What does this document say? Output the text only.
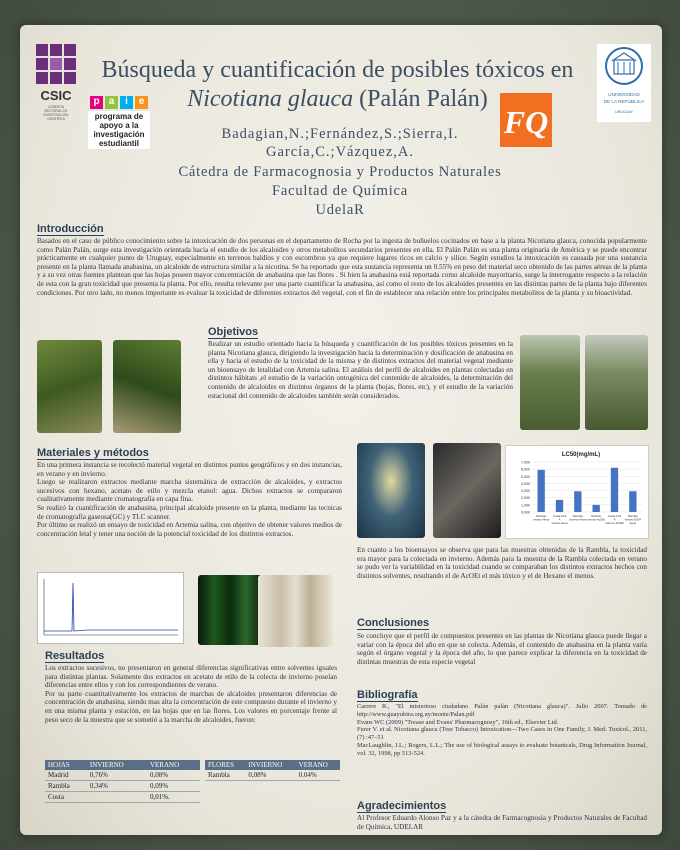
CSIC
COMISIÓN
SECTORIAL DE
INVESTIGACIÓN
CIENTÍFICA
p a	i	e
programa de apoyo a la investigación estudiantil
FQ
UNIVERSIDAD
DE LA REPÚBLICA
URUGUAY
Búsqueda y cuantificación de posibles tóxicos en
Nicotiana glauca (Palán Palán)
Badagian,N.;Fernández,S.;Sierra,I.
García,C.;Vázquez,A.
Cátedra de Farmacognosia y Productos Naturales
Facultad de Química
UdelaR
Introducción
Basados en el caso de público conocimiento sobre la intoxicación de dos personas en el departamento de Rocha por la ingesta de buñuelos cocinados en base a la planta Nicotiana glauca, conocida popularmente como Palán Palán, surge esta investigación orientada hacia el estudio de los alcaloides y otros metabolitos secundarios presentes en ella. El Palán Palán es una planta originaria de América y se puede encontrar prácticamente en cualquier punto de Uruguay, especialmente en terrenos baldíos y con escombros ya que requiere lugares ricos en calcio y silice. Según estudios la intoxicación es causada por una sustancia presente en la planta llamada anabasina, un alcaloide de estructura similar a la nicotina. Se ha reportado que esta sustancia representa un 0.55% en peso del material seco obtenido de las partes aéreas de la planta y a su vez otras fuentes plantean que las hojas poseen mayor concentración de anabasina que las flores . Si bien la anabasina está reportada como alcaloide mayoritario, surge la interrogante respecto a la relación de esta con la gran toxicidad que presenta la planta. Por ello, resulta relevante por una parte cuantificar la anabasina, así como el resto de los alcaloides presentes en las distintas partes de la planta bajo diferentes condiciones. Por otro lado, no menos importante es evaluar la toxicidad de diferentes extractos del vegetal, con el fin de establecer una relación entre los principales metabolitos de la planta y su bioactividad.
Objetivos
Realizar un estudio orientado hacia la búsqueda y cuantificación de los posibles tóxicos presentes en la planta Nicotiana glauca, dirigiendo la investigación hacia la determinación y dosificación de anabasina en ella y hacia el estudio de la toxicidad de la misma y de distintos extractos del material vegetal mediante un bioensayo de letalidad con Artemia salina. El análisis del perfil de alcaloides en plantas colectadas en distintos hábitats ,el estudio de la variación ontogénica del contenido de alcaloides, la determinación del contenido de alcaloides en distintos órganos de la planta (hojas, flores, etc), y el estudio de la variación estacional del contenido de alcaloides también serán considerados.
Materiales y métodos
En una primera instancia se recolectó material vegetal en distintos puntos geográficos y en dos instancias, en verano y en invierno.
Luego se realizaron extractos mediante marcha sistemática de extracción de alcaloides, y extractos sucesivos con hexano, acetato de etilo y mezcla etanol: agua. Dichos extractos se compararon cualitativamente mediante cromatografía en capa fina.
Se realizó la cuantificación de anabasina, principal alcaloide presente en la planta, mediante las tecnicas de cromatografía gaseosa(GC) y TLC scanner.
Por último se realizó un ensayo de toxicidad en Artemia salina, con objetivo de obtener valores medios de concentración letal y tener una noción de la potencial toxicidad de los distintos extractos.
LC50(mg/mL)
0,000
1,000
2,000
3,000
4,000
5,000
6,000
7,000
Rambla verano-Hexa
Costa Azul A verano-Hexa
Rambla invierno-Hexa
Rambla verano-AcOEt
Costa Azul A invierno-AcOEt
Rambla verano-EtOH Agua
En cuanto a los bioensayos se observa que para las muestras obtenidas de la Rambla, la toxicidad era mayor para la colectada en invierno. Además para la muestra de la Rambla colectada en verano se pudo ver la variabilidad en la toxicidad cuando se comparaban los distintos extractos hechos con distintos solventes, resultando el de AcOEt el más tóxico y el de Hexano el menos.
Resultados
Los extractos sucesivos, no presentaron en general diferencias significativas entre solventes iguales para distintas plantas. Solamente dos extractos en acetato de etilo de la colecta de invierno poseían diferencias entre ellos y con los correspondientes de verano.
Por su parte cuantitativamente los extractos de marchas de alcaloides presentaron diferencias de concentración de anabasina, siendo mas alta la concentración de este compuesto durante el invierno y en una misma planta y estación, en las hojas que en las flores. Los valores en porcentaje frente al peso seco de la muestra que se sometió a la marcha de alcaloides, fueron:
HOJAS	INVIERNO	VERANO
Madrid	0,76%	0,08%
Rambla	0,34%	0,09%
Costa		0,01%.
FLORES	INVIERNO	VERANO
Rambla	0,08%	0.04%
Conclusiones
Se concluye que el perfil de compuestos presentes en las plantas de Nicotiana glauca puede llegar a variar con la época del año en que se colecta. Además, el contenido de anabasina en la planta varía según el órgano vegetal y la época del año, lo que parece explicar la diferencia en la toxicidad de distintas muestras de esta especie vegetal
Bibliografía
Carrere R., "El misterioso ciudadano Palán palán (Nicotiana glauca)". Julio 2007. Tomado de http://www.guayubira.org.uy/monte/Palan.pdf
Evans WC (2009) "Trease and Evans' Pharmacognosy", 16th ed., Elsevier Ltd.
Furer V. et al. Nicotiana glauca (Tree Tobacco) Intoxication—Two Cases in One Family, J. Med. Toxicol., 2011, (7) :47–51
MacLaughlin, J.L.; Rogers, L.L.; The use of biological assays to evaluate botanicals, Drug Information Journal, vol. 32, 1998, pp 513-524.
Agradecimientos
Al Profesor Eduardo Alonso Paz y a la cátedra de Farmacognosia y Productos Naturales de Facultad de Química, UDELAR
